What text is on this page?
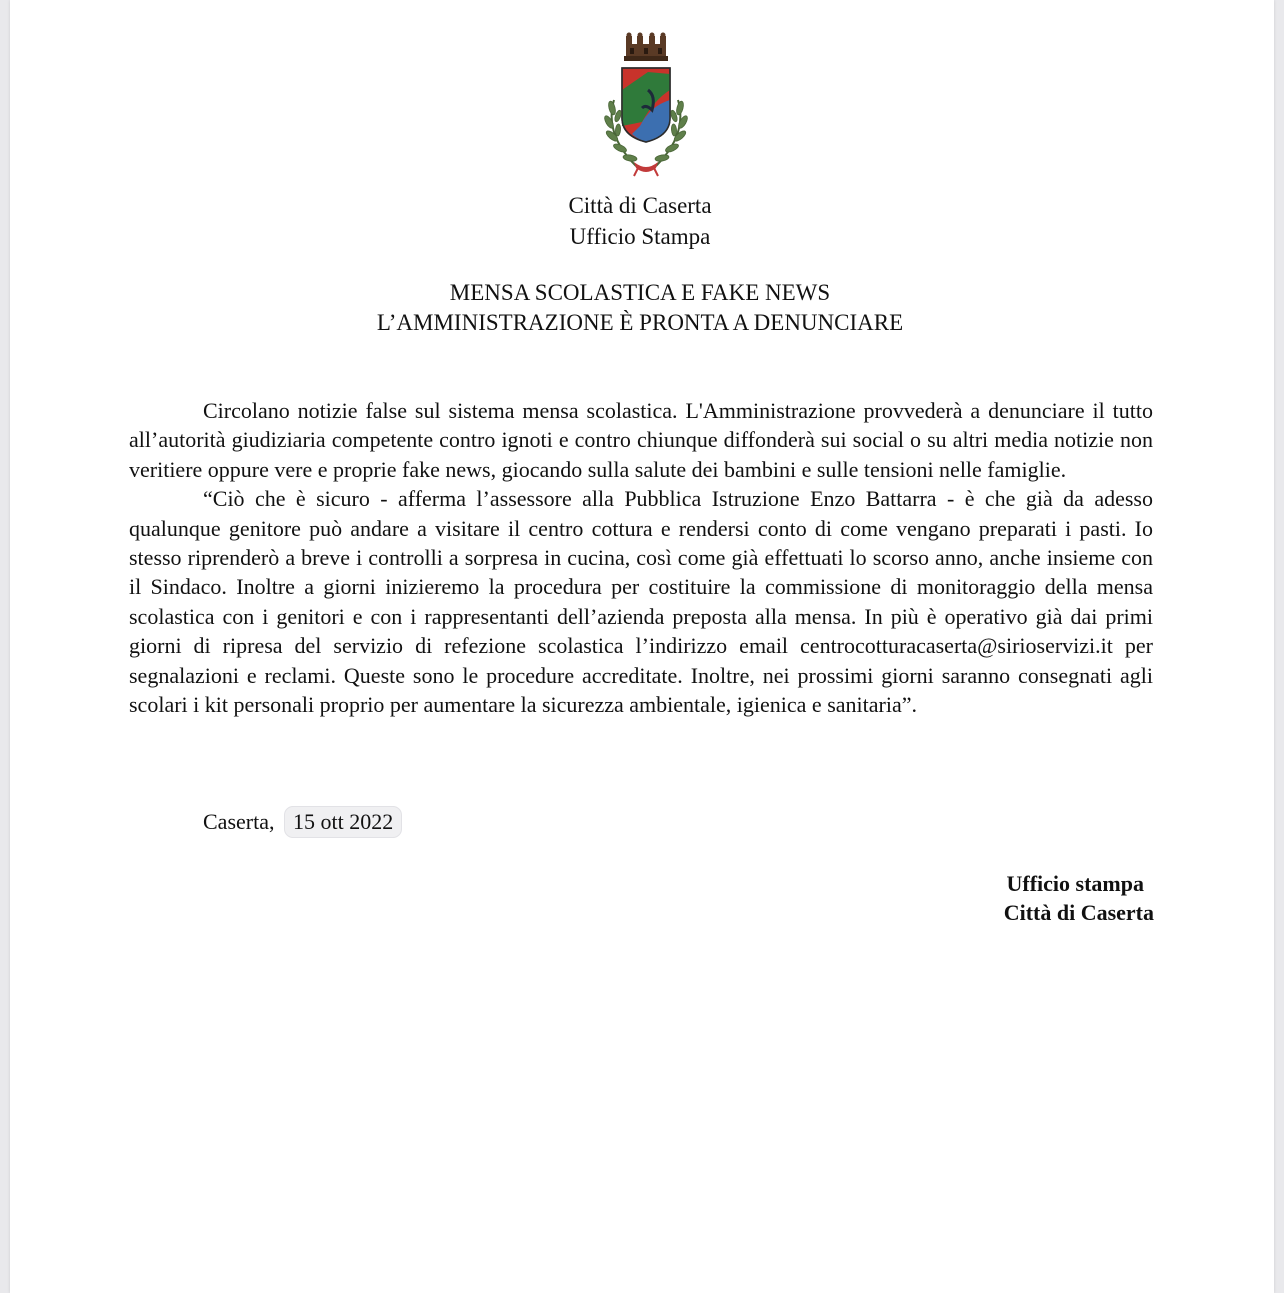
Città di Caserta
Ufficio Stampa
MENSA SCOLASTICA E FAKE NEWS
L’AMMINISTRAZIONE È PRONTA A DENUNCIARE

Circolano notizie false sul sistema mensa scolastica. L'Amministrazione provvederà a denunciare il tutto all’autorità giudiziaria competente contro ignoti e contro chiunque diffonderà sui social o su altri media notizie non veritiere oppure vere e proprie fake news, giocando sulla salute dei bambini e sulle tensioni nelle famiglie.

“Ciò che è sicuro - afferma l’assessore alla Pubblica Istruzione Enzo Battarra - è che già da adesso qualunque genitore può andare a visitare il centro cottura e rendersi conto di come vengano preparati i pasti. Io stesso riprenderò a breve i controlli a sorpresa in cucina, così come già effettuati lo scorso anno, anche insieme con il Sindaco. Inoltre a giorni inizieremo la procedura per costituire la commissione di monitoraggio della mensa scolastica con i genitori e con i rappresentanti dell’azienda preposta alla mensa. In più è operativo già dai primi giorni di ripresa del servizio di refezione scolastica l’indirizzo email centrocotturacaserta@sirioservizi.it per segnalazioni e reclami. Queste sono le procedure accreditate. Inoltre, nei prossimi giorni saranno consegnati agli scolari i kit personali proprio per aumentare la sicurezza ambientale, igienica e sanitaria”.

Caserta, 15 ott 2022
Ufficio stampa
Città di Caserta
